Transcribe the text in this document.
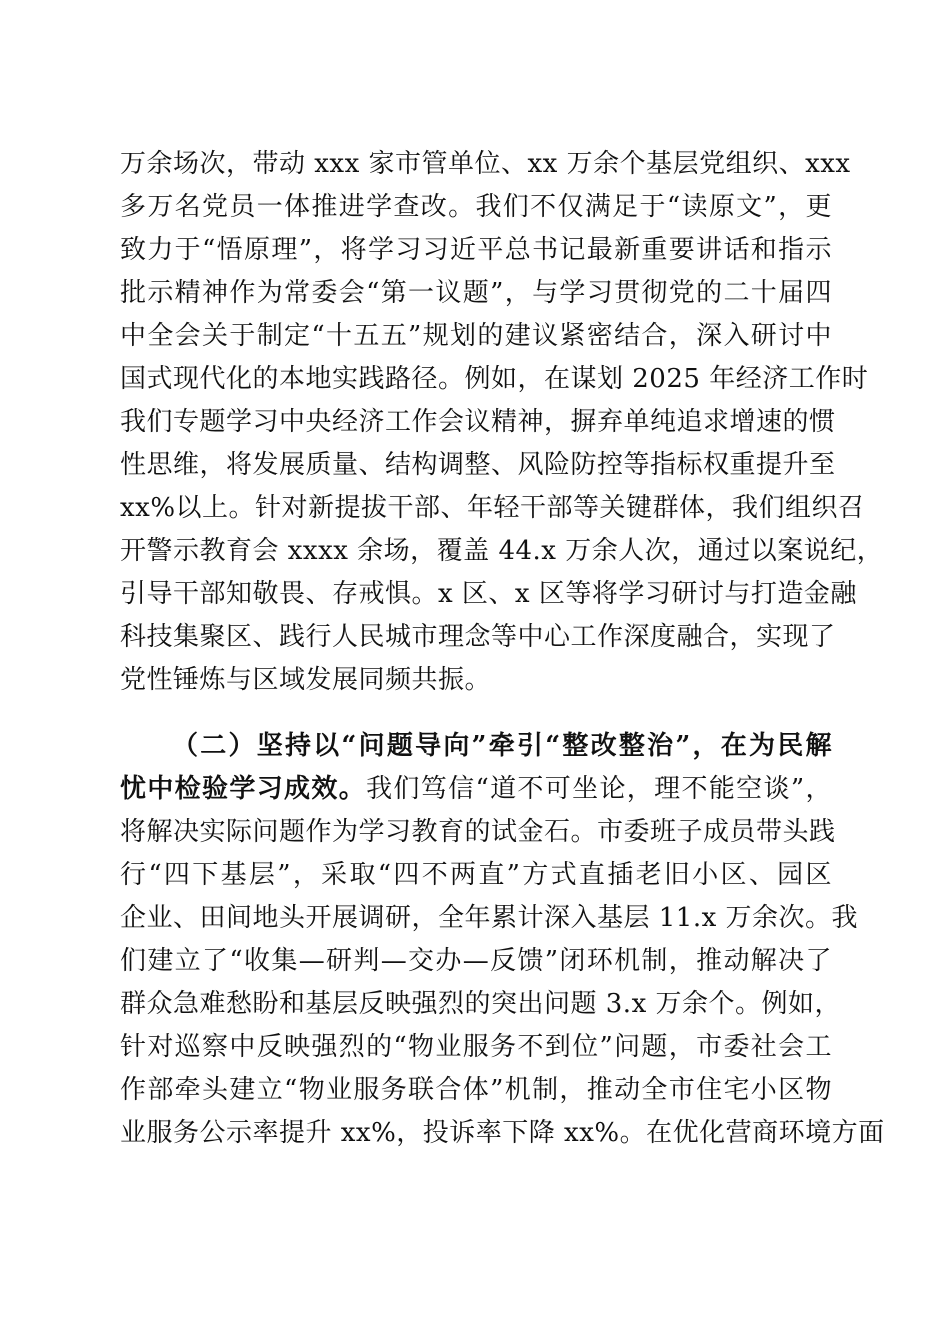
万余场次，带动 xxx 家市管单位、xx 万余个基层党组织、xxx
多万名党员一体推进学查改。我们不仅满足于“读原文”，更
致力于“悟原理”，将学习习近平总书记最新重要讲话和指示
批示精神作为常委会“第一议题”，与学习贯彻党的二十届四
中全会关于制定“十五五”规划的建议紧密结合，深入研讨中
国式现代化的本地实践路径。例如，在谋划 2025 年经济工作时
我们专题学习中央经济工作会议精神，摒弃单纯追求增速的惯
性思维，将发展质量、结构调整、风险防控等指标权重提升至
xx%以上。针对新提拔干部、年轻干部等关键群体，我们组织召
开警示教育会 xxxx 余场，覆盖 44.x 万余人次，通过以案说纪，
引导干部知敬畏、存戒惧。x 区、x 区等将学习研讨与打造金融
科技集聚区、践行人民城市理念等中心工作深度融合，实现了
党性锤炼与区域发展同频共振。
（二）坚持以“问题导向”牵引“整改整治”，在为民解
忧中检验学习成效。我们笃信“道不可坐论，理不能空谈”，
将解决实际问题作为学习教育的试金石。市委班子成员带头践
行“四下基层”，采取“四不两直”方式直插老旧小区、园区
企业、田间地头开展调研，全年累计深入基层 11.x 万余次。我
们建立了“收集—研判—交办—反馈”闭环机制，推动解决了
群众急难愁盼和基层反映强烈的突出问题 3.x 万余个。例如，
针对巡察中反映强烈的“物业服务不到位”问题，市委社会工
作部牵头建立“物业服务联合体”机制，推动全市住宅小区物
业服务公示率提升 xx%，投诉率下降 xx%。在优化营商环境方面
